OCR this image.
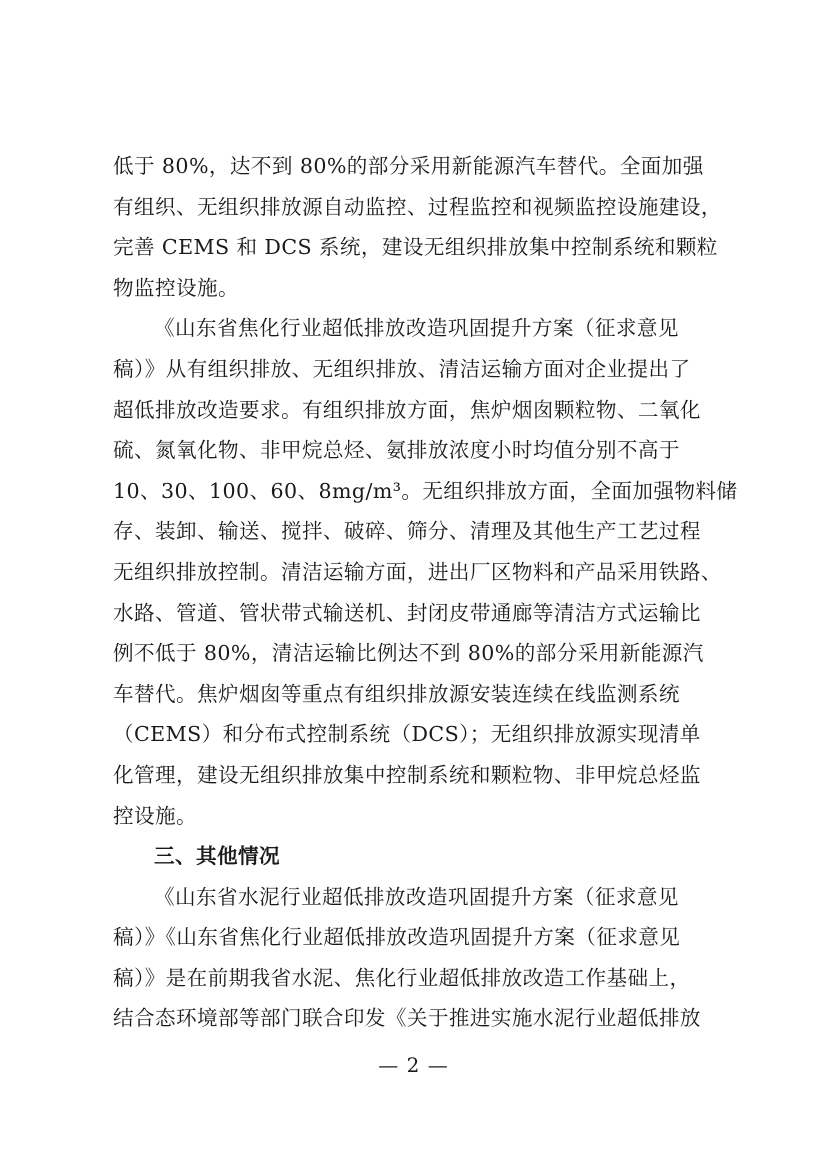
低于 80%，达不到 80%的部分采用新能源汽车替代。全面加强
有组织、无组织排放源自动监控、过程监控和视频监控设施建设，
完善 CEMS 和 DCS 系统，建设无组织排放集中控制系统和颗粒
物监控设施。

《山东省焦化行业超低排放改造巩固提升方案（征求意见
稿）》从有组织排放、无组织排放、清洁运输方面对企业提出了
超低排放改造要求。有组织排放方面，焦炉烟囱颗粒物、二氧化
硫、氮氧化物、非甲烷总烃、氨排放浓度小时均值分别不高于
10、30、100、60、8mg/m³。无组织排放方面，全面加强物料储
存、装卸、输送、搅拌、破碎、筛分、清理及其他生产工艺过程
无组织排放控制。清洁运输方面，进出厂区物料和产品采用铁路、
水路、管道、管状带式输送机、封闭皮带通廊等清洁方式运输比
例不低于 80%，清洁运输比例达不到 80%的部分采用新能源汽
车替代。焦炉烟囱等重点有组织排放源安装连续在线监测系统
（CEMS）和分布式控制系统（DCS）；无组织排放源实现清单
化管理，建设无组织排放集中控制系统和颗粒物、非甲烷总烃监
控设施。

三、其他情况

《山东省水泥行业超低排放改造巩固提升方案（征求意见
稿）》《山东省焦化行业超低排放改造巩固提升方案（征求意见
稿）》是在前期我省水泥、焦化行业超低排放改造工作基础上，
结合态环境部等部门联合印发《关于推进实施水泥行业超低排放

— 2 —
